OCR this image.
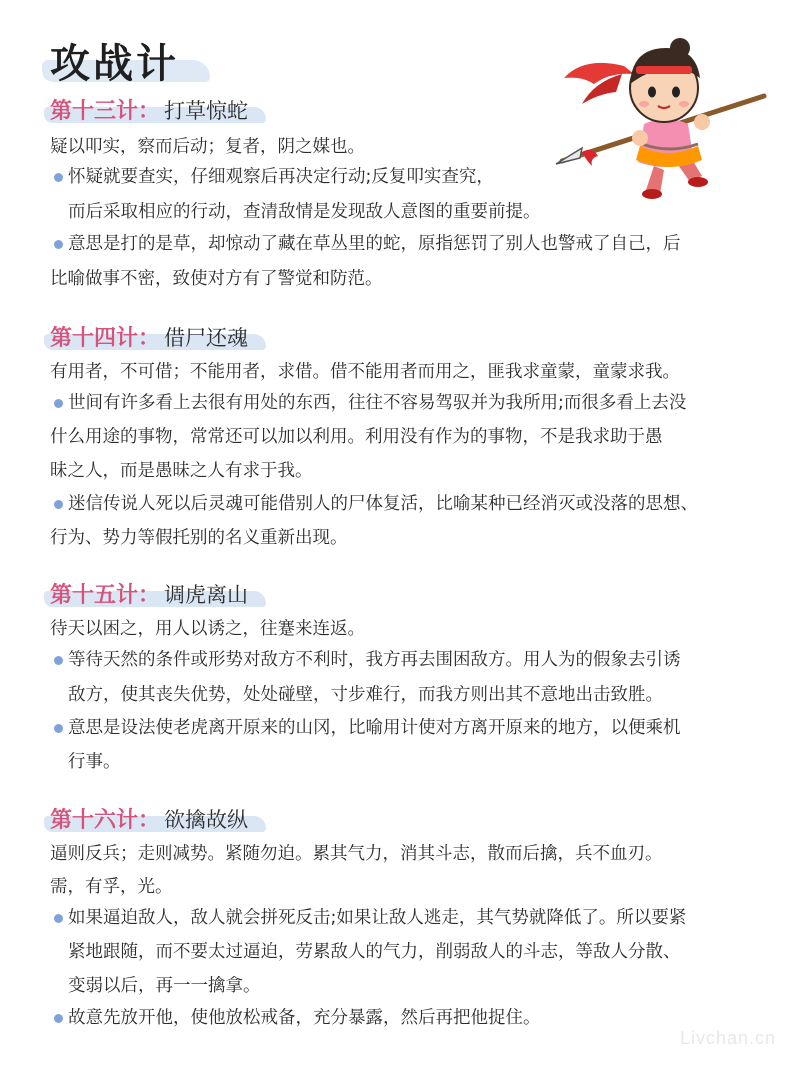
攻战计
第十三计： 打草惊蛇
疑以叩实，察而后动；复者，阴之媒也。
怀疑就要查实，仔细观察后再决定行动;反复叩实查究，
而后采取相应的行动，查清敌情是发现敌人意图的重要前提。
意思是打的是草，却惊动了藏在草丛里的蛇，原指惩罚了别人也警戒了自己，后
比喻做事不密，致使对方有了警觉和防范。
第十四计： 借尸还魂
有用者，不可借；不能用者，求借。借不能用者而用之，匪我求童蒙，童蒙求我。
世间有许多看上去很有用处的东西，往往不容易驾驭并为我所用;而很多看上去没
什么用途的事物，常常还可以加以利用。利用没有作为的事物，不是我求助于愚
昧之人，而是愚昧之人有求于我。
迷信传说人死以后灵魂可能借别人的尸体复活，比喻某种已经消灭或没落的思想、
行为、势力等假托别的名义重新出现。
第十五计： 调虎离山
待天以困之，用人以诱之，往蹇来连返。
等待天然的条件或形势对敌方不利时，我方再去围困敌方。用人为的假象去引诱
敌方，使其丧失优势，处处碰壁，寸步难行，而我方则出其不意地出击致胜。
意思是设法使老虎离开原来的山冈，比喻用计使对方离开原来的地方，以便乘机
行事。
第十六计： 欲擒故纵
逼则反兵；走则减势。紧随勿迫。累其气力，消其斗志，散而后擒，兵不血刃。
需，有孚，光。
如果逼迫敌人，敌人就会拼死反击;如果让敌人逃走，其气势就降低了。所以要紧
紧地跟随，而不要太过逼迫，劳累敌人的气力，削弱敌人的斗志，等敌人分散、
变弱以后，再一一擒拿。
故意先放开他，使他放松戒备，充分暴露，然后再把他捉住。
Livchan.cn
